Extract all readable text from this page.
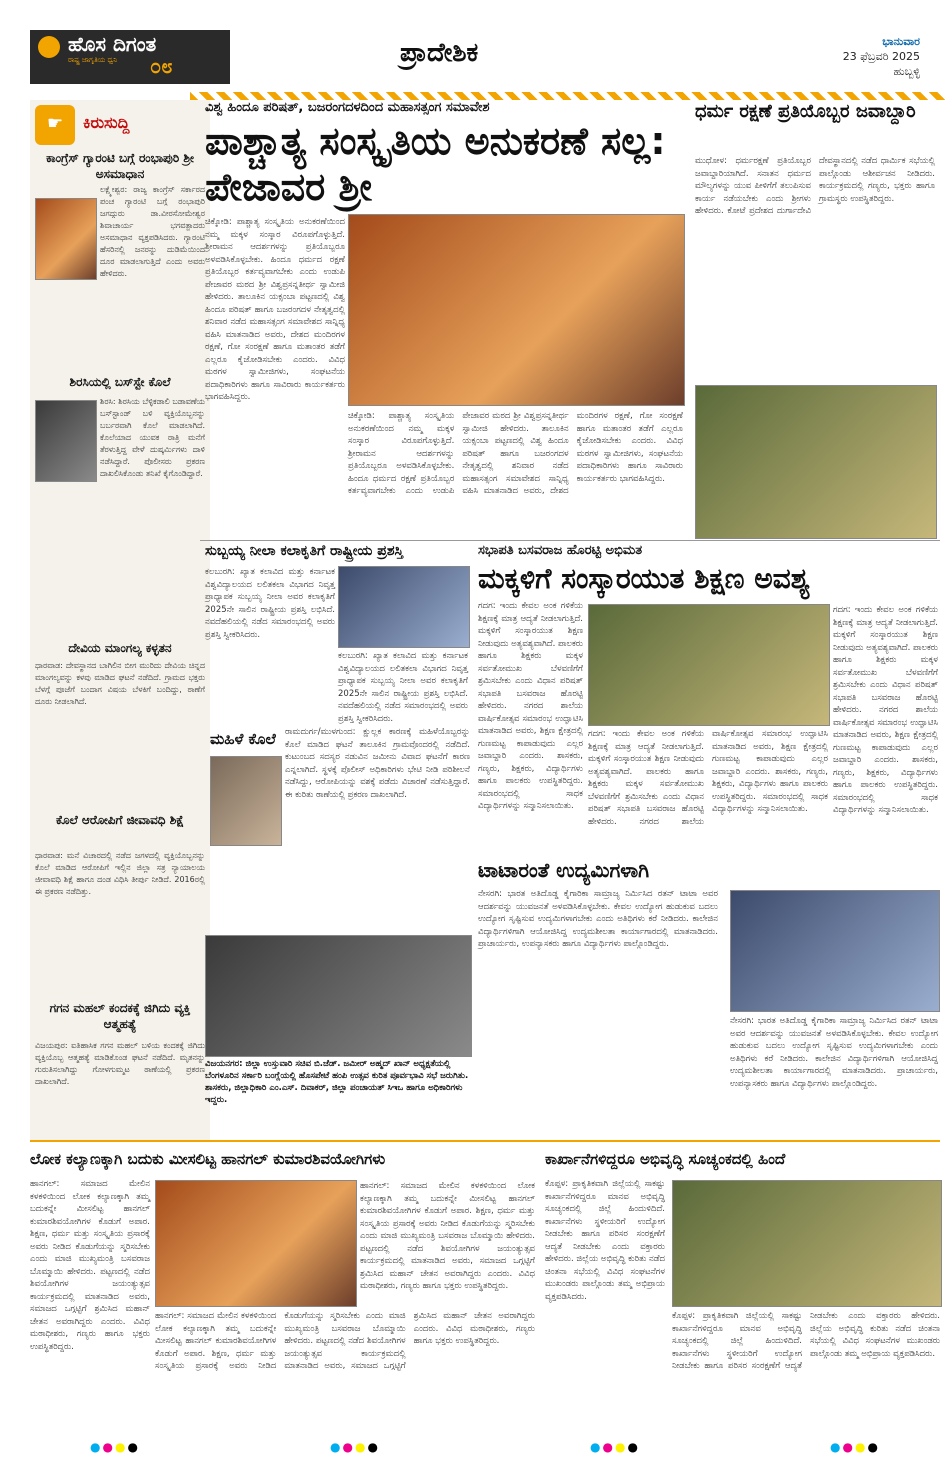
ಹೊಸ ದಿಗಂತ
ರಾಷ್ಟ್ರ ಜಾಗೃತಿಯ ಧ್ವನಿ ೦೮	ಪ್ರಾದೇಶಿಕ	ಭಾನುವಾರ
23 ಫೆಬ್ರವರಿ 2025
ಹುಬ್ಬಳ್ಳಿ
☛ ಕಿರುಸುದ್ದಿ
ಕಾಂಗ್ರೆಸ್ ಗ್ಯಾರಂಟಿ ಬಗ್ಗೆ ರಂಭಾಪುರಿ ಶ್ರೀ ಅಸಮಾಧಾನ
ಲಕ್ಷ್ಮೇಶ್ವರ: ರಾಜ್ಯ ಕಾಂಗ್ರೆಸ್ ಸರ್ಕಾರದ ಪಂಚ ಗ್ಯಾರಂಟಿ ಬಗ್ಗೆ ರಂಭಾಪುರಿ ಜಗದ್ಗುರು ಡಾ.ವೀರಸೋಮೇಶ್ವರ ಶಿವಾಚಾರ್ಯ ಭಗವತ್ಪಾದರು ಅಸಮಾಧಾನ ವ್ಯಕ್ತಪಡಿಸಿದರು. ಗ್ಯಾರಂಟಿ ಹೆಸರಿನಲ್ಲಿ ಜನರನ್ನು ದುಡಿಮೆಯಿಂದ ದೂರ ಮಾಡಲಾಗುತ್ತಿದೆ ಎಂದು ಅವರು ಹೇಳಿದರು.
ಶಿರಸಿಯಲ್ಲಿ ಬಸ್‌ಸ್ಟೇ ಕೊಲೆ
ಶಿರಸಿ: ಶಿರಸಿಯ ಬೆಳ್ಳಿಕಡಾಲಿ ಬಡಾವಣೆಯ ಬಸ್‌ಸ್ಟಾಂಡ್ ಬಳಿ ವ್ಯಕ್ತಿಯೊಬ್ಬನನ್ನು ಬರ್ಬರವಾಗಿ ಕೊಲೆ ಮಾಡಲಾಗಿದೆ. ಕೊಲೆಯಾದ ಯುವಕ ರಾತ್ರಿ ಮನೆಗೆ ತೆರಳುತ್ತಿದ್ದ ವೇಳೆ ದುಷ್ಕರ್ಮಿಗಳು ದಾಳಿ ನಡೆಸಿದ್ದಾರೆ. ಪೊಲೀಸರು ಪ್ರಕರಣ ದಾಖಲಿಸಿಕೊಂಡು ತನಿಖೆ ಕೈಗೊಂಡಿದ್ದಾರೆ.
ದೇವಿಯ ಮಾಂಗಲ್ಯ ಕಳ್ಳತನ
ಧಾರವಾಡ: ದೇವಸ್ಥಾನದ ಬಾಗಿಲಿನ ಬೀಗ ಮುರಿದು ದೇವಿಯ ಚಿನ್ನದ ಮಾಂಗಲ್ಯವನ್ನು ಕಳವು ಮಾಡಿದ ಘಟನೆ ನಡೆದಿದೆ. ಗ್ರಾಮದ ಭಕ್ತರು ಬೆಳಗ್ಗೆ ಪೂಜೆಗೆ ಬಂದಾಗ ವಿಷಯ ಬೆಳಕಿಗೆ ಬಂದಿದ್ದು, ಠಾಣೆಗೆ ದೂರು ನೀಡಲಾಗಿದೆ.
ಕೊಲೆ ಆರೋಪಿಗೆ ಜೀವಾವಧಿ ಶಿಕ್ಷೆ
ಧಾರವಾಡ: ಮನೆ ವಿಚಾರದಲ್ಲಿ ನಡೆದ ಜಗಳದಲ್ಲಿ ವ್ಯಕ್ತಿಯೊಬ್ಬನನ್ನು ಕೊಲೆ ಮಾಡಿದ ಆರೋಪಿಗೆ ಇಲ್ಲಿನ ಜಿಲ್ಲಾ ಸತ್ರ ನ್ಯಾಯಾಲಯ ಜೀವಾವಧಿ ಶಿಕ್ಷೆ ಹಾಗೂ ದಂಡ ವಿಧಿಸಿ ತೀರ್ಪು ನೀಡಿದೆ. 2016ರಲ್ಲಿ ಈ ಪ್ರಕರಣ ನಡೆದಿತ್ತು.
ಗಗನ ಮಹಲ್ ಕಂದಕಕ್ಕೆ ಜಿಗಿದು ವ್ಯಕ್ತಿ ಆತ್ಮಹತ್ಯೆ
ವಿಜಯಪುರ: ಐತಿಹಾಸಿಕ ಗಗನ ಮಹಲ್ ಬಳಿಯ ಕಂದಕಕ್ಕೆ ಜಿಗಿದು ವ್ಯಕ್ತಿಯೊಬ್ಬ ಆತ್ಮಹತ್ಯೆ ಮಾಡಿಕೊಂಡ ಘಟನೆ ನಡೆದಿದೆ. ಮೃತನನ್ನು ಗುರುತಿಸಲಾಗಿದ್ದು ಗೋಳಗುಮ್ಮಟ ಠಾಣೆಯಲ್ಲಿ ಪ್ರಕರಣ ದಾಖಲಾಗಿದೆ.
ವಿಶ್ವ ಹಿಂದೂ ಪರಿಷತ್, ಬಜರಂಗದಳದಿಂದ ಮಹಾಸತ್ಸಂಗ ಸಮಾವೇಶ
ಪಾಶ್ಚಾತ್ಯ ಸಂಸ್ಕೃತಿಯ ಅನುಕರಣೆ ಸಲ್ಲ: ಪೇಜಾವರ ಶ್ರೀ
ಚಿಕ್ಕೋಡಿ: ಪಾಶ್ಚಾತ್ಯ ಸಂಸ್ಕೃತಿಯ ಅನುಕರಣೆಯಿಂದ ನಮ್ಮ ಮಕ್ಕಳ ಸಂಸ್ಕಾರ ವಿರೂಪಗೊಳ್ಳುತ್ತಿದೆ. ಶ್ರೀರಾಮನ ಆದರ್ಶಗಳನ್ನು ಪ್ರತಿಯೊಬ್ಬರೂ ಅಳವಡಿಸಿಕೊಳ್ಳಬೇಕು. ಹಿಂದೂ ಧರ್ಮದ ರಕ್ಷಣೆ ಪ್ರತಿಯೊಬ್ಬರ ಕರ್ತವ್ಯವಾಗಬೇಕು ಎಂದು ಉಡುಪಿ ಪೇಜಾವರ ಮಠದ ಶ್ರೀ ವಿಶ್ವಪ್ರಸನ್ನತೀರ್ಥ ಸ್ವಾಮೀಜಿ ಹೇಳಿದರು. ತಾಲೂಕಿನ ಯಕ್ಸಂಬಾ ಪಟ್ಟಣದಲ್ಲಿ ವಿಶ್ವ ಹಿಂದೂ ಪರಿಷತ್ ಹಾಗೂ ಬಜರಂಗದಳ ನೇತೃತ್ವದಲ್ಲಿ ಶನಿವಾರ ನಡೆದ ಮಹಾಸತ್ಸಂಗ ಸಮಾವೇಶದ ಸಾನ್ನಿಧ್ಯ ವಹಿಸಿ ಮಾತನಾಡಿದ ಅವರು, ದೇಶದ ಮಂದಿರಗಳ ರಕ್ಷಣೆ, ಗೋ ಸಂರಕ್ಷಣೆ ಹಾಗೂ ಮತಾಂತರ ತಡೆಗೆ ಎಲ್ಲರೂ ಕೈಜೋಡಿಸಬೇಕು ಎಂದರು. ವಿವಿಧ ಮಠಗಳ ಸ್ವಾಮೀಜಿಗಳು, ಸಂಘಟನೆಯ ಪದಾಧಿಕಾರಿಗಳು ಹಾಗೂ ಸಾವಿರಾರು ಕಾರ್ಯಕರ್ತರು ಭಾಗವಹಿಸಿದ್ದರು.
ಚಿಕ್ಕೋಡಿ: ಪಾಶ್ಚಾತ್ಯ ಸಂಸ್ಕೃತಿಯ ಅನುಕರಣೆಯಿಂದ ನಮ್ಮ ಮಕ್ಕಳ ಸಂಸ್ಕಾರ ವಿರೂಪಗೊಳ್ಳುತ್ತಿದೆ. ಶ್ರೀರಾಮನ ಆದರ್ಶಗಳನ್ನು ಪ್ರತಿಯೊಬ್ಬರೂ ಅಳವಡಿಸಿಕೊಳ್ಳಬೇಕು. ಹಿಂದೂ ಧರ್ಮದ ರಕ್ಷಣೆ ಪ್ರತಿಯೊಬ್ಬರ ಕರ್ತವ್ಯವಾಗಬೇಕು ಎಂದು ಉಡುಪಿ ಪೇಜಾವರ ಮಠದ ಶ್ರೀ ವಿಶ್ವಪ್ರಸನ್ನತೀರ್ಥ ಸ್ವಾಮೀಜಿ ಹೇಳಿದರು. ತಾಲೂಕಿನ ಯಕ್ಸಂಬಾ ಪಟ್ಟಣದಲ್ಲಿ ವಿಶ್ವ ಹಿಂದೂ ಪರಿಷತ್ ಹಾಗೂ ಬಜರಂಗದಳ ನೇತೃತ್ವದಲ್ಲಿ ಶನಿವಾರ ನಡೆದ ಮಹಾಸತ್ಸಂಗ ಸಮಾವೇಶದ ಸಾನ್ನಿಧ್ಯ ವಹಿಸಿ ಮಾತನಾಡಿದ ಅವರು, ದೇಶದ ಮಂದಿರಗಳ ರಕ್ಷಣೆ, ಗೋ ಸಂರಕ್ಷಣೆ ಹಾಗೂ ಮತಾಂತರ ತಡೆಗೆ ಎಲ್ಲರೂ ಕೈಜೋಡಿಸಬೇಕು ಎಂದರು. ವಿವಿಧ ಮಠಗಳ ಸ್ವಾಮೀಜಿಗಳು, ಸಂಘಟನೆಯ ಪದಾಧಿಕಾರಿಗಳು ಹಾಗೂ ಸಾವಿರಾರು ಕಾರ್ಯಕರ್ತರು ಭಾಗವಹಿಸಿದ್ದರು.
ಧರ್ಮ ರಕ್ಷಣೆ ಪ್ರತಿಯೊಬ್ಬರ ಜವಾಬ್ದಾರಿ
ಮುಧೋಳ: ಧರ್ಮರಕ್ಷಣೆ ಪ್ರತಿಯೊಬ್ಬರ ಜವಾಬ್ದಾರಿಯಾಗಿದೆ. ಸನಾತನ ಧರ್ಮದ ಮೌಲ್ಯಗಳನ್ನು ಯುವ ಪೀಳಿಗೆಗೆ ತಲುಪಿಸುವ ಕಾರ್ಯ ನಡೆಯಬೇಕು ಎಂದು ಶ್ರೀಗಳು ಹೇಳಿದರು. ಕೋಟೆ ಪ್ರದೇಶದ ದುರ್ಗಾದೇವಿ ದೇವಸ್ಥಾನದಲ್ಲಿ ನಡೆದ ಧಾರ್ಮಿಕ ಸಭೆಯಲ್ಲಿ ಪಾಲ್ಗೊಂಡು ಆಶೀರ್ವಚನ ನೀಡಿದರು. ಕಾರ್ಯಕ್ರಮದಲ್ಲಿ ಗಣ್ಯರು, ಭಕ್ತರು ಹಾಗೂ ಗ್ರಾಮಸ್ಥರು ಉಪಸ್ಥಿತರಿದ್ದರು.
ಸುಬ್ಬಯ್ಯ ನೀಲಾ ಕಲಾಕೃತಿಗೆ ರಾಷ್ಟ್ರೀಯ ಪ್ರಶಸ್ತಿ
ಕಲಬುರಗಿ: ಖ್ಯಾತ ಕಲಾವಿದ ಮತ್ತು ಕರ್ನಾಟಕ ವಿಶ್ವವಿದ್ಯಾಲಯದ ಲಲಿತಕಲಾ ವಿಭಾಗದ ನಿವೃತ್ತ ಪ್ರಾಧ್ಯಾಪಕ ಸುಬ್ಬಯ್ಯ ನೀಲಾ ಅವರ ಕಲಾಕೃತಿಗೆ 2025ನೇ ಸಾಲಿನ ರಾಷ್ಟ್ರೀಯ ಪ್ರಶಸ್ತಿ ಲಭಿಸಿದೆ. ನವದೆಹಲಿಯಲ್ಲಿ ನಡೆದ ಸಮಾರಂಭದಲ್ಲಿ ಅವರು ಪ್ರಶಸ್ತಿ ಸ್ವೀಕರಿಸಿದರು.
ಕಲಬುರಗಿ: ಖ್ಯಾತ ಕಲಾವಿದ ಮತ್ತು ಕರ್ನಾಟಕ ವಿಶ್ವವಿದ್ಯಾಲಯದ ಲಲಿತಕಲಾ ವಿಭಾಗದ ನಿವೃತ್ತ ಪ್ರಾಧ್ಯಾಪಕ ಸುಬ್ಬಯ್ಯ ನೀಲಾ ಅವರ ಕಲಾಕೃತಿಗೆ 2025ನೇ ಸಾಲಿನ ರಾಷ್ಟ್ರೀಯ ಪ್ರಶಸ್ತಿ ಲಭಿಸಿದೆ. ನವದೆಹಲಿಯಲ್ಲಿ ನಡೆದ ಸಮಾರಂಭದಲ್ಲಿ ಅವರು ಪ್ರಶಸ್ತಿ ಸ್ವೀಕರಿಸಿದರು.
ಮಹಿಳೆ ಕೊಲೆ	ರಾಮದುರ್ಗ/ಮುಳಗುಂದ: ಕ್ಷುಲ್ಲಕ ಕಾರಣಕ್ಕೆ ಮಹಿಳೆಯೊಬ್ಬರನ್ನು ಕೊಲೆ ಮಾಡಿದ ಘಟನೆ ತಾಲೂಕಿನ ಗ್ರಾಮವೊಂದರಲ್ಲಿ ನಡೆದಿದೆ. ಕುಟುಂಬದ ಸದಸ್ಯರ ನಡುವಿನ ಜಮೀನು ವಿವಾದ ಘಟನೆಗೆ ಕಾರಣ ಎನ್ನಲಾಗಿದೆ. ಸ್ಥಳಕ್ಕೆ ಪೊಲೀಸ್ ಅಧಿಕಾರಿಗಳು ಭೇಟಿ ನೀಡಿ ಪರಿಶೀಲನೆ ನಡೆಸಿದ್ದು, ಆರೋಪಿಯನ್ನು ವಶಕ್ಕೆ ಪಡೆದು ವಿಚಾರಣೆ ನಡೆಸುತ್ತಿದ್ದಾರೆ. ಈ ಕುರಿತು ಠಾಣೆಯಲ್ಲಿ ಪ್ರಕರಣ ದಾಖಲಾಗಿದೆ.
ವಿಜಯನಗರ: ಜಿಲ್ಲಾ ಉಸ್ತುವಾರಿ ಸಚಿವ ಬಿ.ಜೆಡ್. ಜಮೀರ್ ಅಹ್ಮದ್ ಖಾನ್ ಅಧ್ಯಕ್ಷತೆಯಲ್ಲಿ ಬೆಂಗಳೂರಿನ ಸರ್ಕಾರಿ ಬಂಗ್ಲೆಯಲ್ಲಿ ಹೊಸಪೇಟೆ ಹಂಪಿ ಉತ್ಸವ ಕುರಿತ ಪೂರ್ವಭಾವಿ ಸಭೆ ಜರುಗಿತು. ಶಾಸಕರು, ಜಿಲ್ಲಾಧಿಕಾರಿ ಎಂ.ಎಸ್. ದಿವಾಕರ್, ಜಿಲ್ಲಾ ಪಂಚಾಯತ್ ಸಿಇಒ ಹಾಗೂ ಅಧಿಕಾರಿಗಳು ಇದ್ದರು.
ಸಭಾಪತಿ ಬಸವರಾಜ ಹೊರಟ್ಟಿ ಅಭಿಮತ
ಮಕ್ಕಳಿಗೆ ಸಂಸ್ಕಾರಯುತ ಶಿಕ್ಷಣ ಅವಶ್ಯ
ಗದಗ: ಇಂದು ಕೇವಲ ಅಂಕ ಗಳಿಕೆಯ ಶಿಕ್ಷಣಕ್ಕೆ ಮಾತ್ರ ಆದ್ಯತೆ ನೀಡಲಾಗುತ್ತಿದೆ. ಮಕ್ಕಳಿಗೆ ಸಂಸ್ಕಾರಯುತ ಶಿಕ್ಷಣ ನೀಡುವುದು ಅತ್ಯವಶ್ಯವಾಗಿದೆ. ಪಾಲಕರು ಹಾಗೂ ಶಿಕ್ಷಕರು ಮಕ್ಕಳ ಸರ್ವತೋಮುಖ ಬೆಳವಣಿಗೆಗೆ ಶ್ರಮಿಸಬೇಕು ಎಂದು ವಿಧಾನ ಪರಿಷತ್ ಸಭಾಪತಿ ಬಸವರಾಜ ಹೊರಟ್ಟಿ ಹೇಳಿದರು. ನಗರದ ಶಾಲೆಯ ವಾರ್ಷಿಕೋತ್ಸವ ಸಮಾರಂಭ ಉದ್ಘಾಟಿಸಿ ಮಾತನಾಡಿದ ಅವರು, ಶಿಕ್ಷಣ ಕ್ಷೇತ್ರದಲ್ಲಿ ಗುಣಮಟ್ಟ ಕಾಪಾಡುವುದು ಎಲ್ಲರ ಜವಾಬ್ದಾರಿ ಎಂದರು. ಶಾಸಕರು, ಗಣ್ಯರು, ಶಿಕ್ಷಕರು, ವಿದ್ಯಾರ್ಥಿಗಳು ಹಾಗೂ ಪಾಲಕರು ಉಪಸ್ಥಿತರಿದ್ದರು. ಸಮಾರಂಭದಲ್ಲಿ ಸಾಧಕ ವಿದ್ಯಾರ್ಥಿಗಳನ್ನು ಸನ್ಮಾನಿಸಲಾಯಿತು.
ಗದಗ: ಇಂದು ಕೇವಲ ಅಂಕ ಗಳಿಕೆಯ ಶಿಕ್ಷಣಕ್ಕೆ ಮಾತ್ರ ಆದ್ಯತೆ ನೀಡಲಾಗುತ್ತಿದೆ. ಮಕ್ಕಳಿಗೆ ಸಂಸ್ಕಾರಯುತ ಶಿಕ್ಷಣ ನೀಡುವುದು ಅತ್ಯವಶ್ಯವಾಗಿದೆ. ಪಾಲಕರು ಹಾಗೂ ಶಿಕ್ಷಕರು ಮಕ್ಕಳ ಸರ್ವತೋಮುಖ ಬೆಳವಣಿಗೆಗೆ ಶ್ರಮಿಸಬೇಕು ಎಂದು ವಿಧಾನ ಪರಿಷತ್ ಸಭಾಪತಿ ಬಸವರಾಜ ಹೊರಟ್ಟಿ ಹೇಳಿದರು. ನಗರದ ಶಾಲೆಯ ವಾರ್ಷಿಕೋತ್ಸವ ಸಮಾರಂಭ ಉದ್ಘಾಟಿಸಿ ಮಾತನಾಡಿದ ಅವರು, ಶಿಕ್ಷಣ ಕ್ಷೇತ್ರದಲ್ಲಿ ಗುಣಮಟ್ಟ ಕಾಪಾಡುವುದು ಎಲ್ಲರ ಜವಾಬ್ದಾರಿ ಎಂದರು. ಶಾಸಕರು, ಗಣ್ಯರು, ಶಿಕ್ಷಕರು, ವಿದ್ಯಾರ್ಥಿಗಳು ಹಾಗೂ ಪಾಲಕರು ಉಪಸ್ಥಿತರಿದ್ದರು. ಸಮಾರಂಭದಲ್ಲಿ ಸಾಧಕ ವಿದ್ಯಾರ್ಥಿಗಳನ್ನು ಸನ್ಮಾನಿಸಲಾಯಿತು.
ಗದಗ: ಇಂದು ಕೇವಲ ಅಂಕ ಗಳಿಕೆಯ ಶಿಕ್ಷಣಕ್ಕೆ ಮಾತ್ರ ಆದ್ಯತೆ ನೀಡಲಾಗುತ್ತಿದೆ. ಮಕ್ಕಳಿಗೆ ಸಂಸ್ಕಾರಯುತ ಶಿಕ್ಷಣ ನೀಡುವುದು ಅತ್ಯವಶ್ಯವಾಗಿದೆ. ಪಾಲಕರು ಹಾಗೂ ಶಿಕ್ಷಕರು ಮಕ್ಕಳ ಸರ್ವತೋಮುಖ ಬೆಳವಣಿಗೆಗೆ ಶ್ರಮಿಸಬೇಕು ಎಂದು ವಿಧಾನ ಪರಿಷತ್ ಸಭಾಪತಿ ಬಸವರಾಜ ಹೊರಟ್ಟಿ ಹೇಳಿದರು. ನಗರದ ಶಾಲೆಯ ವಾರ್ಷಿಕೋತ್ಸವ ಸಮಾರಂಭ ಉದ್ಘಾಟಿಸಿ ಮಾತನಾಡಿದ ಅವರು, ಶಿಕ್ಷಣ ಕ್ಷೇತ್ರದಲ್ಲಿ ಗುಣಮಟ್ಟ ಕಾಪಾಡುವುದು ಎಲ್ಲರ ಜವಾಬ್ದಾರಿ ಎಂದರು. ಶಾಸಕರು, ಗಣ್ಯರು, ಶಿಕ್ಷಕರು, ವಿದ್ಯಾರ್ಥಿಗಳು ಹಾಗೂ ಪಾಲಕರು ಉಪಸ್ಥಿತರಿದ್ದರು. ಸಮಾರಂಭದಲ್ಲಿ ಸಾಧಕ ವಿದ್ಯಾರ್ಥಿಗಳನ್ನು ಸನ್ಮಾನಿಸಲಾಯಿತು.
ಟಾಟಾರಂತೆ ಉದ್ಯಮಿಗಳಾಗಿ
ನೇಸರಗಿ: ಭಾರತ ಅತಿದೊಡ್ಡ ಕೈಗಾರಿಕಾ ಸಾಮ್ರಾಜ್ಯ ನಿರ್ಮಿಸಿದ ರತನ್ ಟಾಟಾ ಅವರ ಆದರ್ಶವನ್ನು ಯುವಜನತೆ ಅಳವಡಿಸಿಕೊಳ್ಳಬೇಕು. ಕೇವಲ ಉದ್ಯೋಗ ಹುಡುಕುವ ಬದಲು ಉದ್ಯೋಗ ಸೃಷ್ಟಿಸುವ ಉದ್ಯಮಿಗಳಾಗಬೇಕು ಎಂದು ಅತಿಥಿಗಳು ಕರೆ ನೀಡಿದರು. ಕಾಲೇಜಿನ ವಿದ್ಯಾರ್ಥಿಗಳಿಗಾಗಿ ಆಯೋಜಿಸಿದ್ದ ಉದ್ಯಮಶೀಲತಾ ಕಾರ್ಯಾಗಾರದಲ್ಲಿ ಮಾತನಾಡಿದರು. ಪ್ರಾಚಾರ್ಯರು, ಉಪನ್ಯಾಸಕರು ಹಾಗೂ ವಿದ್ಯಾರ್ಥಿಗಳು ಪಾಲ್ಗೊಂಡಿದ್ದರು.
ನೇಸರಗಿ: ಭಾರತ ಅತಿದೊಡ್ಡ ಕೈಗಾರಿಕಾ ಸಾಮ್ರಾಜ್ಯ ನಿರ್ಮಿಸಿದ ರತನ್ ಟಾಟಾ ಅವರ ಆದರ್ಶವನ್ನು ಯುವಜನತೆ ಅಳವಡಿಸಿಕೊಳ್ಳಬೇಕು. ಕೇವಲ ಉದ್ಯೋಗ ಹುಡುಕುವ ಬದಲು ಉದ್ಯೋಗ ಸೃಷ್ಟಿಸುವ ಉದ್ಯಮಿಗಳಾಗಬೇಕು ಎಂದು ಅತಿಥಿಗಳು ಕರೆ ನೀಡಿದರು. ಕಾಲೇಜಿನ ವಿದ್ಯಾರ್ಥಿಗಳಿಗಾಗಿ ಆಯೋಜಿಸಿದ್ದ ಉದ್ಯಮಶೀಲತಾ ಕಾರ್ಯಾಗಾರದಲ್ಲಿ ಮಾತನಾಡಿದರು. ಪ್ರಾಚಾರ್ಯರು, ಉಪನ್ಯಾಸಕರು ಹಾಗೂ ವಿದ್ಯಾರ್ಥಿಗಳು ಪಾಲ್ಗೊಂಡಿದ್ದರು.
ಲೋಕ ಕಲ್ಯಾಣಕ್ಕಾಗಿ ಬದುಕು ಮೀಸಲಿಟ್ಟ ಹಾನಗಲ್ ಕುಮಾರಶಿವಯೋಗಿಗಳು
ಹಾನಗಲ್: ಸಮಾಜದ ಮೇಲಿನ ಕಳಕಳಿಯಿಂದ ಲೋಕ ಕಲ್ಯಾಣಕ್ಕಾಗಿ ತಮ್ಮ ಬದುಕನ್ನೇ ಮೀಸಲಿಟ್ಟ ಹಾನಗಲ್ ಕುಮಾರಶಿವಯೋಗಿಗಳ ಕೊಡುಗೆ ಅಪಾರ. ಶಿಕ್ಷಣ, ಧರ್ಮ ಮತ್ತು ಸಂಸ್ಕೃತಿಯ ಪ್ರಸಾರಕ್ಕೆ ಅವರು ನೀಡಿದ ಕೊಡುಗೆಯನ್ನು ಸ್ಮರಿಸಬೇಕು ಎಂದು ಮಾಜಿ ಮುಖ್ಯಮಂತ್ರಿ ಬಸವರಾಜ ಬೊಮ್ಮಾಯಿ ಹೇಳಿದರು. ಪಟ್ಟಣದಲ್ಲಿ ನಡೆದ ಶಿವಯೋಗಿಗಳ ಜಯಂತ್ಯುತ್ಸವ ಕಾರ್ಯಕ್ರಮದಲ್ಲಿ ಮಾತನಾಡಿದ ಅವರು, ಸಮಾಜದ ಒಗ್ಗಟ್ಟಿಗೆ ಶ್ರಮಿಸಿದ ಮಹಾನ್ ಚೇತನ ಅವರಾಗಿದ್ದರು ಎಂದರು. ವಿವಿಧ ಮಠಾಧೀಶರು, ಗಣ್ಯರು ಹಾಗೂ ಭಕ್ತರು ಉಪಸ್ಥಿತರಿದ್ದರು.
ಹಾನಗಲ್: ಸಮಾಜದ ಮೇಲಿನ ಕಳಕಳಿಯಿಂದ ಲೋಕ ಕಲ್ಯಾಣಕ್ಕಾಗಿ ತಮ್ಮ ಬದುಕನ್ನೇ ಮೀಸಲಿಟ್ಟ ಹಾನಗಲ್ ಕುಮಾರಶಿವಯೋಗಿಗಳ ಕೊಡುಗೆ ಅಪಾರ. ಶಿಕ್ಷಣ, ಧರ್ಮ ಮತ್ತು ಸಂಸ್ಕೃತಿಯ ಪ್ರಸಾರಕ್ಕೆ ಅವರು ನೀಡಿದ ಕೊಡುಗೆಯನ್ನು ಸ್ಮರಿಸಬೇಕು ಎಂದು ಮಾಜಿ ಮುಖ್ಯಮಂತ್ರಿ ಬಸವರಾಜ ಬೊಮ್ಮಾಯಿ ಹೇಳಿದರು. ಪಟ್ಟಣದಲ್ಲಿ ನಡೆದ ಶಿವಯೋಗಿಗಳ ಜಯಂತ್ಯುತ್ಸವ ಕಾರ್ಯಕ್ರಮದಲ್ಲಿ ಮಾತನಾಡಿದ ಅವರು, ಸಮಾಜದ ಒಗ್ಗಟ್ಟಿಗೆ ಶ್ರಮಿಸಿದ ಮಹಾನ್ ಚೇತನ ಅವರಾಗಿದ್ದರು ಎಂದರು. ವಿವಿಧ ಮಠಾಧೀಶರು, ಗಣ್ಯರು ಹಾಗೂ ಭಕ್ತರು ಉಪಸ್ಥಿತರಿದ್ದರು.
ಹಾನಗಲ್: ಸಮಾಜದ ಮೇಲಿನ ಕಳಕಳಿಯಿಂದ ಲೋಕ ಕಲ್ಯಾಣಕ್ಕಾಗಿ ತಮ್ಮ ಬದುಕನ್ನೇ ಮೀಸಲಿಟ್ಟ ಹಾನಗಲ್ ಕುಮಾರಶಿವಯೋಗಿಗಳ ಕೊಡುಗೆ ಅಪಾರ. ಶಿಕ್ಷಣ, ಧರ್ಮ ಮತ್ತು ಸಂಸ್ಕೃತಿಯ ಪ್ರಸಾರಕ್ಕೆ ಅವರು ನೀಡಿದ ಕೊಡುಗೆಯನ್ನು ಸ್ಮರಿಸಬೇಕು ಎಂದು ಮಾಜಿ ಮುಖ್ಯಮಂತ್ರಿ ಬಸವರಾಜ ಬೊಮ್ಮಾಯಿ ಹೇಳಿದರು. ಪಟ್ಟಣದಲ್ಲಿ ನಡೆದ ಶಿವಯೋಗಿಗಳ ಜಯಂತ್ಯುತ್ಸವ ಕಾರ್ಯಕ್ರಮದಲ್ಲಿ ಮಾತನಾಡಿದ ಅವರು, ಸಮಾಜದ ಒಗ್ಗಟ್ಟಿಗೆ ಶ್ರಮಿಸಿದ ಮಹಾನ್ ಚೇತನ ಅವರಾಗಿದ್ದರು ಎಂದರು. ವಿವಿಧ ಮಠಾಧೀಶರು, ಗಣ್ಯರು ಹಾಗೂ ಭಕ್ತರು ಉಪಸ್ಥಿತರಿದ್ದರು.
ಕಾರ್ಖಾನೆಗಳಿದ್ದರೂ ಅಭಿವೃದ್ಧಿ ಸೂಚ್ಯಂಕದಲ್ಲಿ ಹಿಂದೆ
ಕೊಪ್ಪಳ: ಪ್ರಾಕೃತಿಕವಾಗಿ ಜಿಲ್ಲೆಯಲ್ಲಿ ಸಾಕಷ್ಟು ಕಾರ್ಖಾನೆಗಳಿದ್ದರೂ ಮಾನವ ಅಭಿವೃದ್ಧಿ ಸೂಚ್ಯಂಕದಲ್ಲಿ ಜಿಲ್ಲೆ ಹಿಂದುಳಿದಿದೆ. ಕಾರ್ಖಾನೆಗಳು ಸ್ಥಳೀಯರಿಗೆ ಉದ್ಯೋಗ ನೀಡಬೇಕು ಹಾಗೂ ಪರಿಸರ ಸಂರಕ್ಷಣೆಗೆ ಆದ್ಯತೆ ನೀಡಬೇಕು ಎಂದು ವಕ್ತಾರರು ಹೇಳಿದರು. ಜಿಲ್ಲೆಯ ಅಭಿವೃದ್ಧಿ ಕುರಿತು ನಡೆದ ಚಿಂತನಾ ಸಭೆಯಲ್ಲಿ ವಿವಿಧ ಸಂಘಟನೆಗಳ ಮುಖಂಡರು ಪಾಲ್ಗೊಂಡು ತಮ್ಮ ಅಭಿಪ್ರಾಯ ವ್ಯಕ್ತಪಡಿಸಿದರು.
ಕೊಪ್ಪಳ: ಪ್ರಾಕೃತಿಕವಾಗಿ ಜಿಲ್ಲೆಯಲ್ಲಿ ಸಾಕಷ್ಟು ಕಾರ್ಖಾನೆಗಳಿದ್ದರೂ ಮಾನವ ಅಭಿವೃದ್ಧಿ ಸೂಚ್ಯಂಕದಲ್ಲಿ ಜಿಲ್ಲೆ ಹಿಂದುಳಿದಿದೆ. ಕಾರ್ಖಾನೆಗಳು ಸ್ಥಳೀಯರಿಗೆ ಉದ್ಯೋಗ ನೀಡಬೇಕು ಹಾಗೂ ಪರಿಸರ ಸಂರಕ್ಷಣೆಗೆ ಆದ್ಯತೆ ನೀಡಬೇಕು ಎಂದು ವಕ್ತಾರರು ಹೇಳಿದರು. ಜಿಲ್ಲೆಯ ಅಭಿವೃದ್ಧಿ ಕುರಿತು ನಡೆದ ಚಿಂತನಾ ಸಭೆಯಲ್ಲಿ ವಿವಿಧ ಸಂಘಟನೆಗಳ ಮುಖಂಡರು ಪಾಲ್ಗೊಂಡು ತಮ್ಮ ಅಭಿಪ್ರಾಯ ವ್ಯಕ್ತಪಡಿಸಿದರು.
●●●●	●●●●	●●●●	●●●●
